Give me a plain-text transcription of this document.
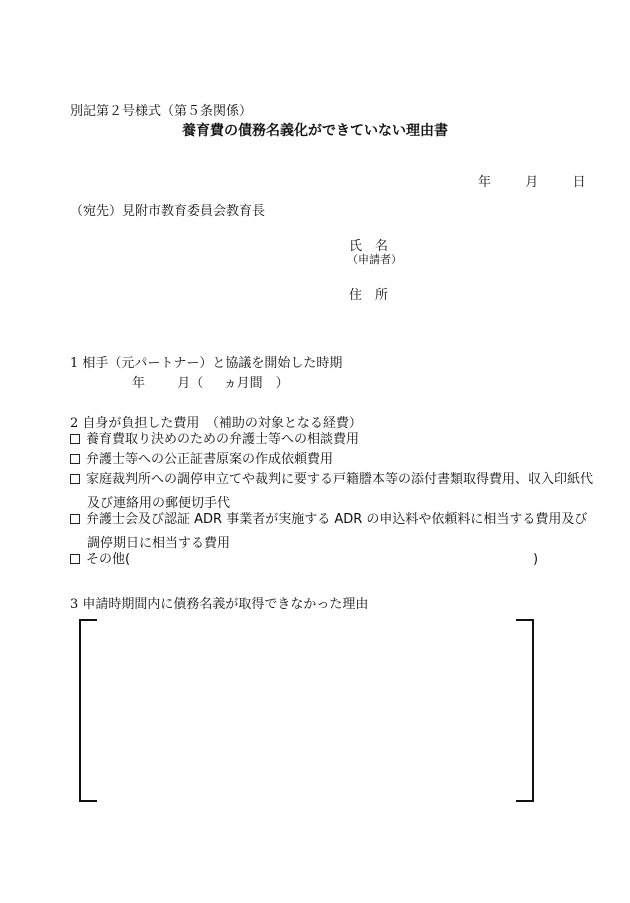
別記第２号様式（第５条関係）
養育費の債務名義化ができていない理由書
年	月	日
（宛先）見附市教育委員会教育長
氏　名
（申請者）
住　所
1 相手（元パートナー）と協議を開始した時期
年 月（ ヵ月間　）
2 自身が負担した費用　（補助の対象となる経費）
養育費取り決めのための弁護士等への相談費用
弁護士等への公正証書原案の作成依頼費用
家庭裁判所への調停申立てや裁判に要する戸籍謄本等の添付書類取得費用、収入印紙代
及び連絡用の郵便切手代
弁護士会及び認証 ADR 事業者が実施する ADR の申込料や依頼料に相当する費用及び
調停期日に相当する費用
その他(	)
3 申請時期間内に債務名義が取得できなかった理由
